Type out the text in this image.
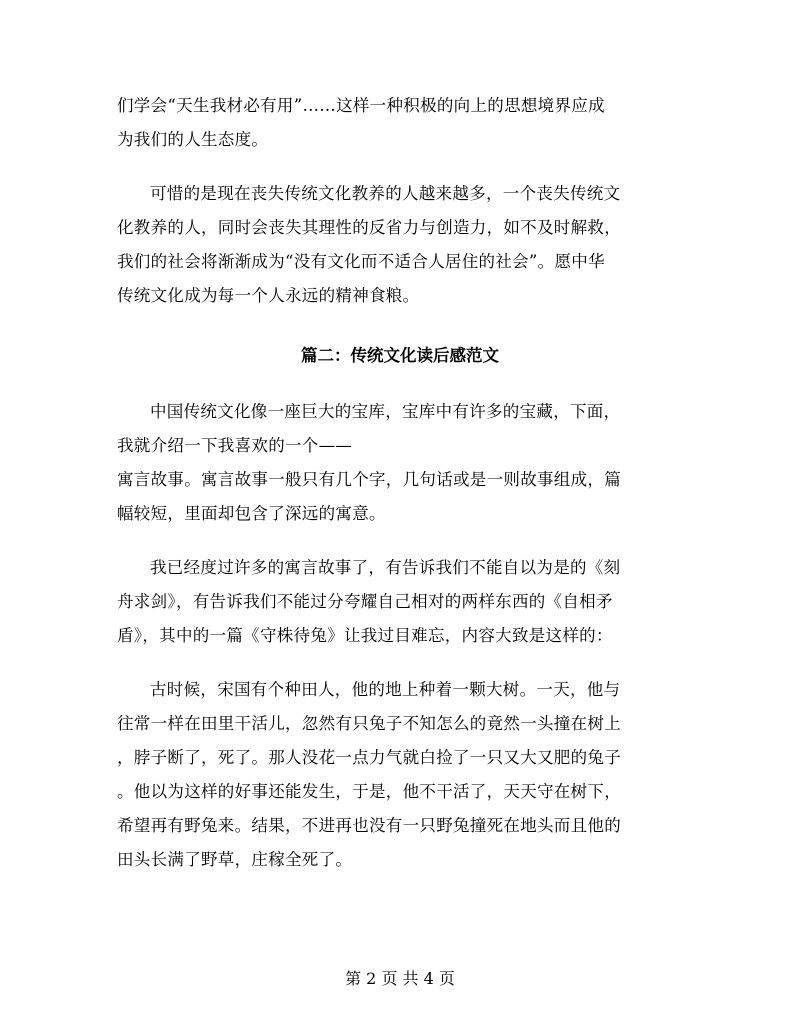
们学会“天生我材必有用”……这样一种积极的向上的思想境界应成
为我们的人生态度。
可惜的是现在丧失传统文化教养的人越来越多，一个丧失传统文
化教养的人，同时会丧失其理性的反省力与创造力，如不及时解救，
我们的社会将渐渐成为“没有文化而不适合人居住的社会”。愿中华
传统文化成为每一个人永远的精神食粮。
篇二：传统文化读后感范文
中国传统文化像一座巨大的宝库，宝库中有许多的宝藏，下面，
我就介绍一下我喜欢的一个——
寓言故事。寓言故事一般只有几个字，几句话或是一则故事组成，篇
幅较短，里面却包含了深远的寓意。
我已经度过许多的寓言故事了，有告诉我们不能自以为是的《刻
舟求剑》，有告诉我们不能过分夸耀自己相对的两样东西的《自相矛
盾》，其中的一篇《守株待兔》让我过目难忘，内容大致是这样的：
古时候，宋国有个种田人，他的地上种着一颗大树。一天，他与
往常一样在田里干活儿，忽然有只兔子不知怎么的竟然一头撞在树上
，脖子断了，死了。那人没花一点力气就白捡了一只又大又肥的兔子
。他以为这样的好事还能发生，于是，他不干活了，天天守在树下，
希望再有野兔来。结果，不进再也没有一只野兔撞死在地头而且他的
田头长满了野草，庄稼全死了。
第 2 页 共 4 页
